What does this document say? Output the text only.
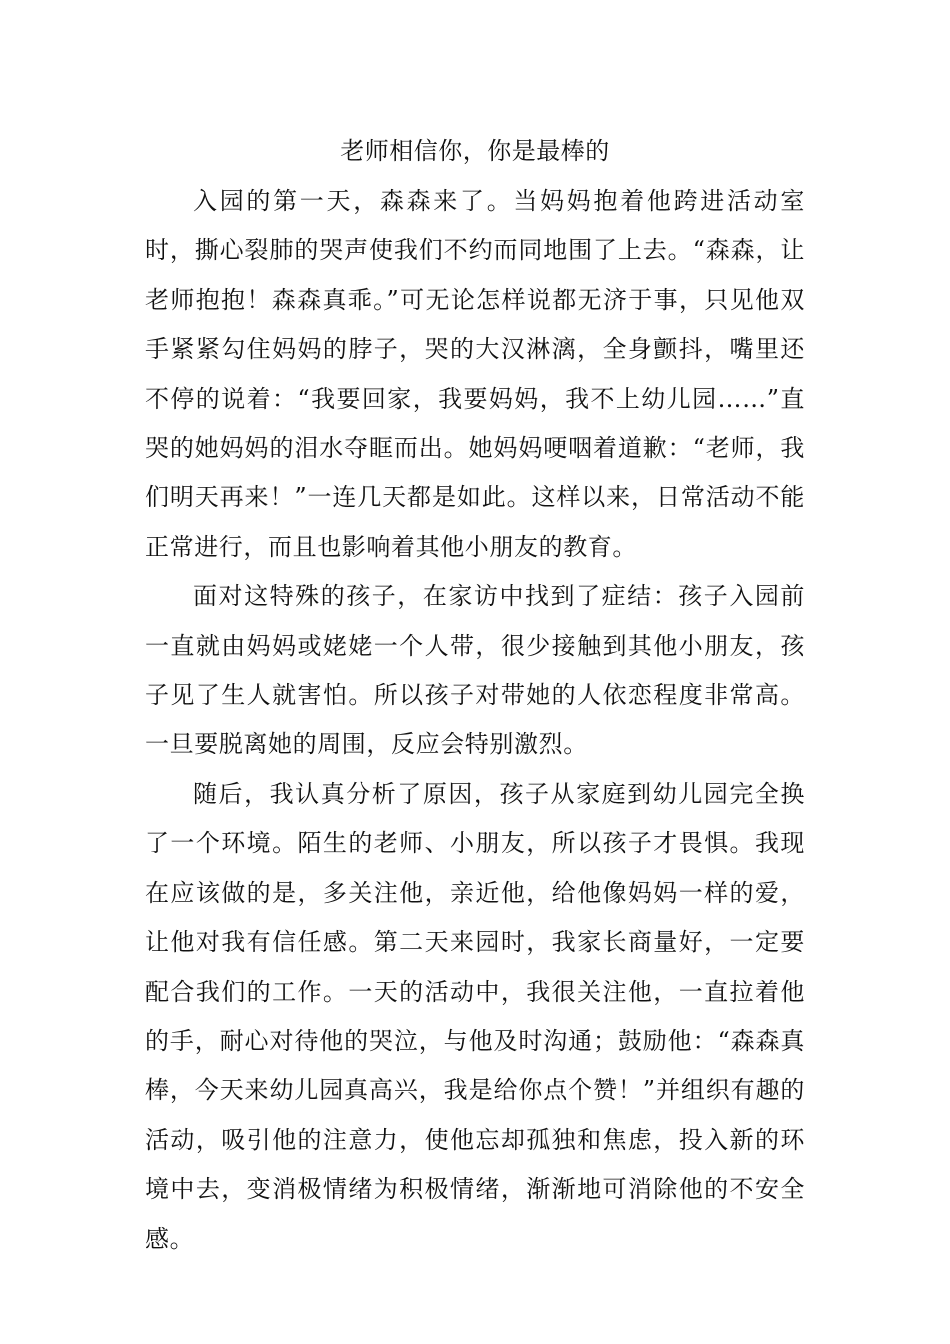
老师相信你，你是最棒的

入园的第一天，森森来了。当妈妈抱着他跨进活动室时，撕心裂肺的哭声使我们不约而同地围了上去。“森森，让老师抱抱！森森真乖。”可无论怎样说都无济于事，只见他双手紧紧勾住妈妈的脖子，哭的大汉淋漓，全身颤抖，嘴里还不停的说着：“我要回家，我要妈妈，我不上幼儿园……”直哭的她妈妈的泪水夺眶而出。她妈妈哽咽着道歉：“老师，我们明天再来！”一连几天都是如此。这样以来，日常活动不能正常进行，而且也影响着其他小朋友的教育。

面对这特殊的孩子，在家访中找到了症结：孩子入园前一直就由妈妈或姥姥一个人带，很少接触到其他小朋友，孩子见了生人就害怕。所以孩子对带她的人依恋程度非常高。一旦要脱离她的周围，反应会特别激烈。

随后，我认真分析了原因，孩子从家庭到幼儿园完全换了一个环境。陌生的老师、小朋友，所以孩子才畏惧。我现在应该做的是，多关注他，亲近他，给他像妈妈一样的爱，让他对我有信任感。第二天来园时，我家长商量好，一定要配合我们的工作。一天的活动中，我很关注他，一直拉着他的手，耐心对待他的哭泣，与他及时沟通；鼓励他：“森森真棒，今天来幼儿园真高兴，我是给你点个赞！”并组织有趣的活动，吸引他的注意力，使他忘却孤独和焦虑，投入新的环境中去，变消极情绪为积极情绪，渐渐地可消除他的不安全感。
